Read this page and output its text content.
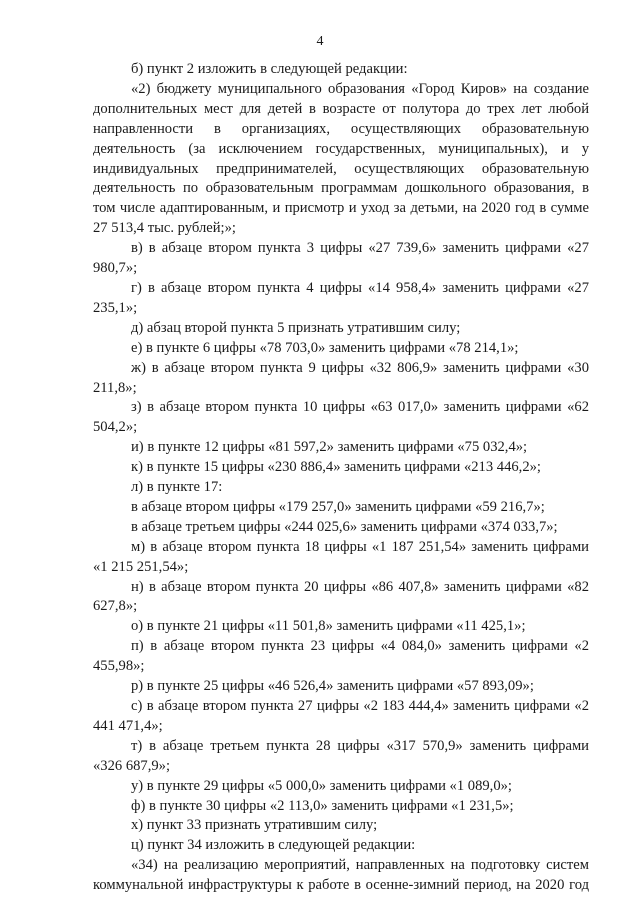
4

б) пункт 2 изложить в следующей редакции:

«2) бюджету муниципального образования «Город Киров» на создание дополнительных мест для детей в возрасте от полутора до трех лет любой направленности в организациях, осуществляющих образовательную деятельность (за исключением государственных, муниципальных), и у индивидуальных предпринимателей, осуществляющих образовательную деятельность по образовательным программам дошкольного образования, в том числе адаптированным, и присмотр и уход за детьми, на 2020 год в сумме 27 513,4 тыс. рублей;»;

в) в абзаце втором пункта 3 цифры «27 739,6» заменить цифрами «27 980,7»;

г) в абзаце втором пункта 4 цифры «14 958,4» заменить цифрами «27 235,1»;

д) абзац второй пункта 5 признать утратившим силу;

е) в пункте 6 цифры «78 703,0» заменить цифрами «78 214,1»;

ж) в абзаце втором пункта 9 цифры «32 806,9» заменить цифрами «30 211,8»;

з) в абзаце втором пункта 10 цифры «63 017,0» заменить цифрами «62 504,2»;

и) в пункте 12 цифры «81 597,2» заменить цифрами «75 032,4»;

к) в пункте 15 цифры «230 886,4» заменить цифрами «213 446,2»;

л) в пункте 17:

в абзаце втором цифры «179 257,0» заменить цифрами «59 216,7»;

в абзаце третьем цифры «244 025,6» заменить цифрами «374 033,7»;

м) в абзаце втором пункта 18 цифры «1 187 251,54» заменить цифрами «1 215 251,54»;

н) в абзаце втором пункта 20 цифры «86 407,8» заменить цифрами «82 627,8»;

о) в пункте 21 цифры «11 501,8» заменить цифрами «11 425,1»;

п) в абзаце втором пункта 23 цифры «4 084,0» заменить цифрами «2 455,98»;

р) в пункте 25 цифры «46 526,4» заменить цифрами «57 893,09»;

с) в абзаце втором пункта 27 цифры «2 183 444,4» заменить цифрами «2 441 471,4»;

т) в абзаце третьем пункта 28 цифры «317 570,9» заменить цифрами «326 687,9»;

у) в пункте 29 цифры «5 000,0» заменить цифрами «1 089,0»;

ф) в пункте 30 цифры «2 113,0» заменить цифрами «1 231,5»;

х) пункт 33 признать утратившим силу;

ц) пункт 34 изложить в следующей редакции:

«34) на реализацию мероприятий, направленных на подготовку систем коммунальной инфраструктуры к работе в осенне-зимний период, на 2020 год
